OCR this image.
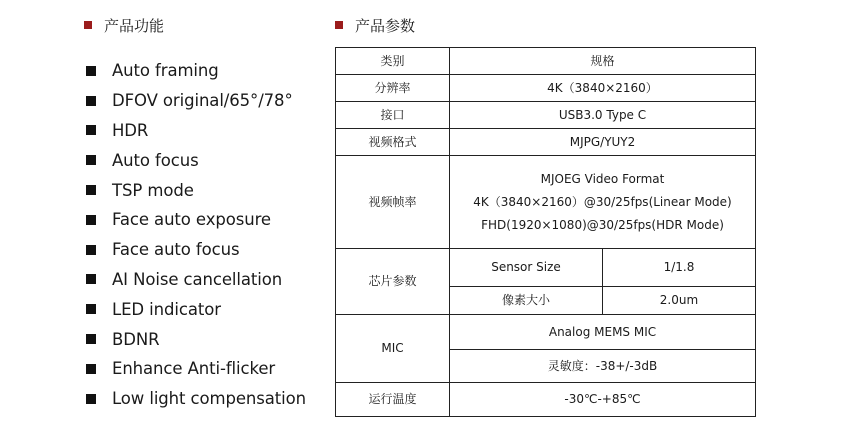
产品功能
Auto framing
DFOV original/65°/78°
HDR
Auto focus
TSP mode
Face auto exposure
Face auto focus
AI Noise cancellation
LED indicator
BDNR
Enhance Anti-flicker
Low light compensation
产品参数
类别	规格	
分辨率	4K（3840×2160）	
接口	USB3.0 Type C	
视频格式	MJPG/YUY2	
视频帧率	MJOEG Video Format
4K（3840×2160）@30/25fps(Linear Mode)
FHD(1920×1080)@30/25fps(HDR Mode)	

芯片参数	Sensor Size	1/1.8
	像素大小	2.0um
MIC	Analog MEMS MIC
灵敏度：-38+/-3dB	

运行温度	-30℃-+85℃	
